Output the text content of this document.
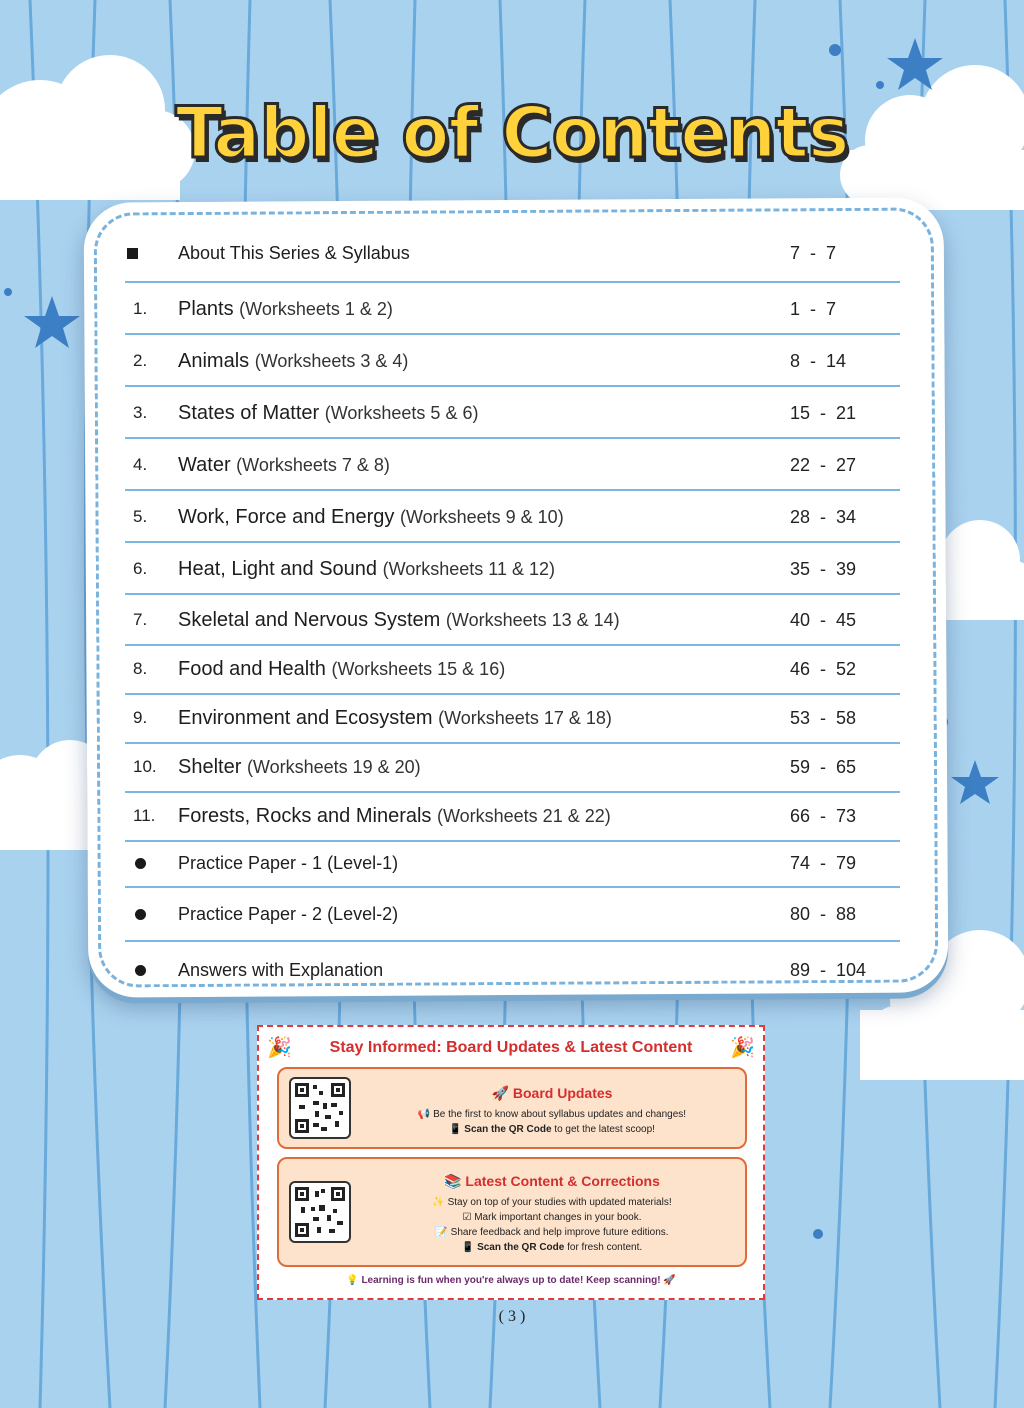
Table of Contents
About This Series & Syllabus	7  -  7
1.	Plants (Worksheets 1 & 2)	1  -  7
2.	Animals (Worksheets 3 & 4)	8  -  14
3.	States of Matter (Worksheets 5 & 6)	15  -  21
4.	Water (Worksheets 7 & 8)	22  -  27
5.	Work, Force and Energy (Worksheets 9 & 10)	28  -  34
6.	Heat, Light and Sound (Worksheets 11 & 12)	35  -  39
7.	Skeletal and Nervous System (Worksheets 13 & 14)	40  -  45
8.	Food and Health (Worksheets 15 & 16)	46  -  52
9.	Environment and Ecosystem (Worksheets 17 & 18)	53  -  58
10.	Shelter (Worksheets 19 & 20)	59  -  65
11.	Forests, Rocks and Minerals (Worksheets 21 & 22)	66  -  73
Practice Paper - 1 (Level-1)	74  -  79
Practice Paper - 2 (Level-2)	80  -  88
Answers with Explanation	89  -  104
🎉	Stay Informed: Board Updates & Latest Content	🎉
🚀 Board Updates
📢 Be the first to know about syllabus updates and changes!
📱 Scan the QR Code to get the latest scoop!
📚 Latest Content & Corrections
✨ Stay on top of your studies with updated materials!
☑ Mark important changes in your book.
📝 Share feedback and help improve future editions.
📱 Scan the QR Code for fresh content.
💡 Learning is fun when you're always up to date! Keep scanning! 🚀
( 3 )
